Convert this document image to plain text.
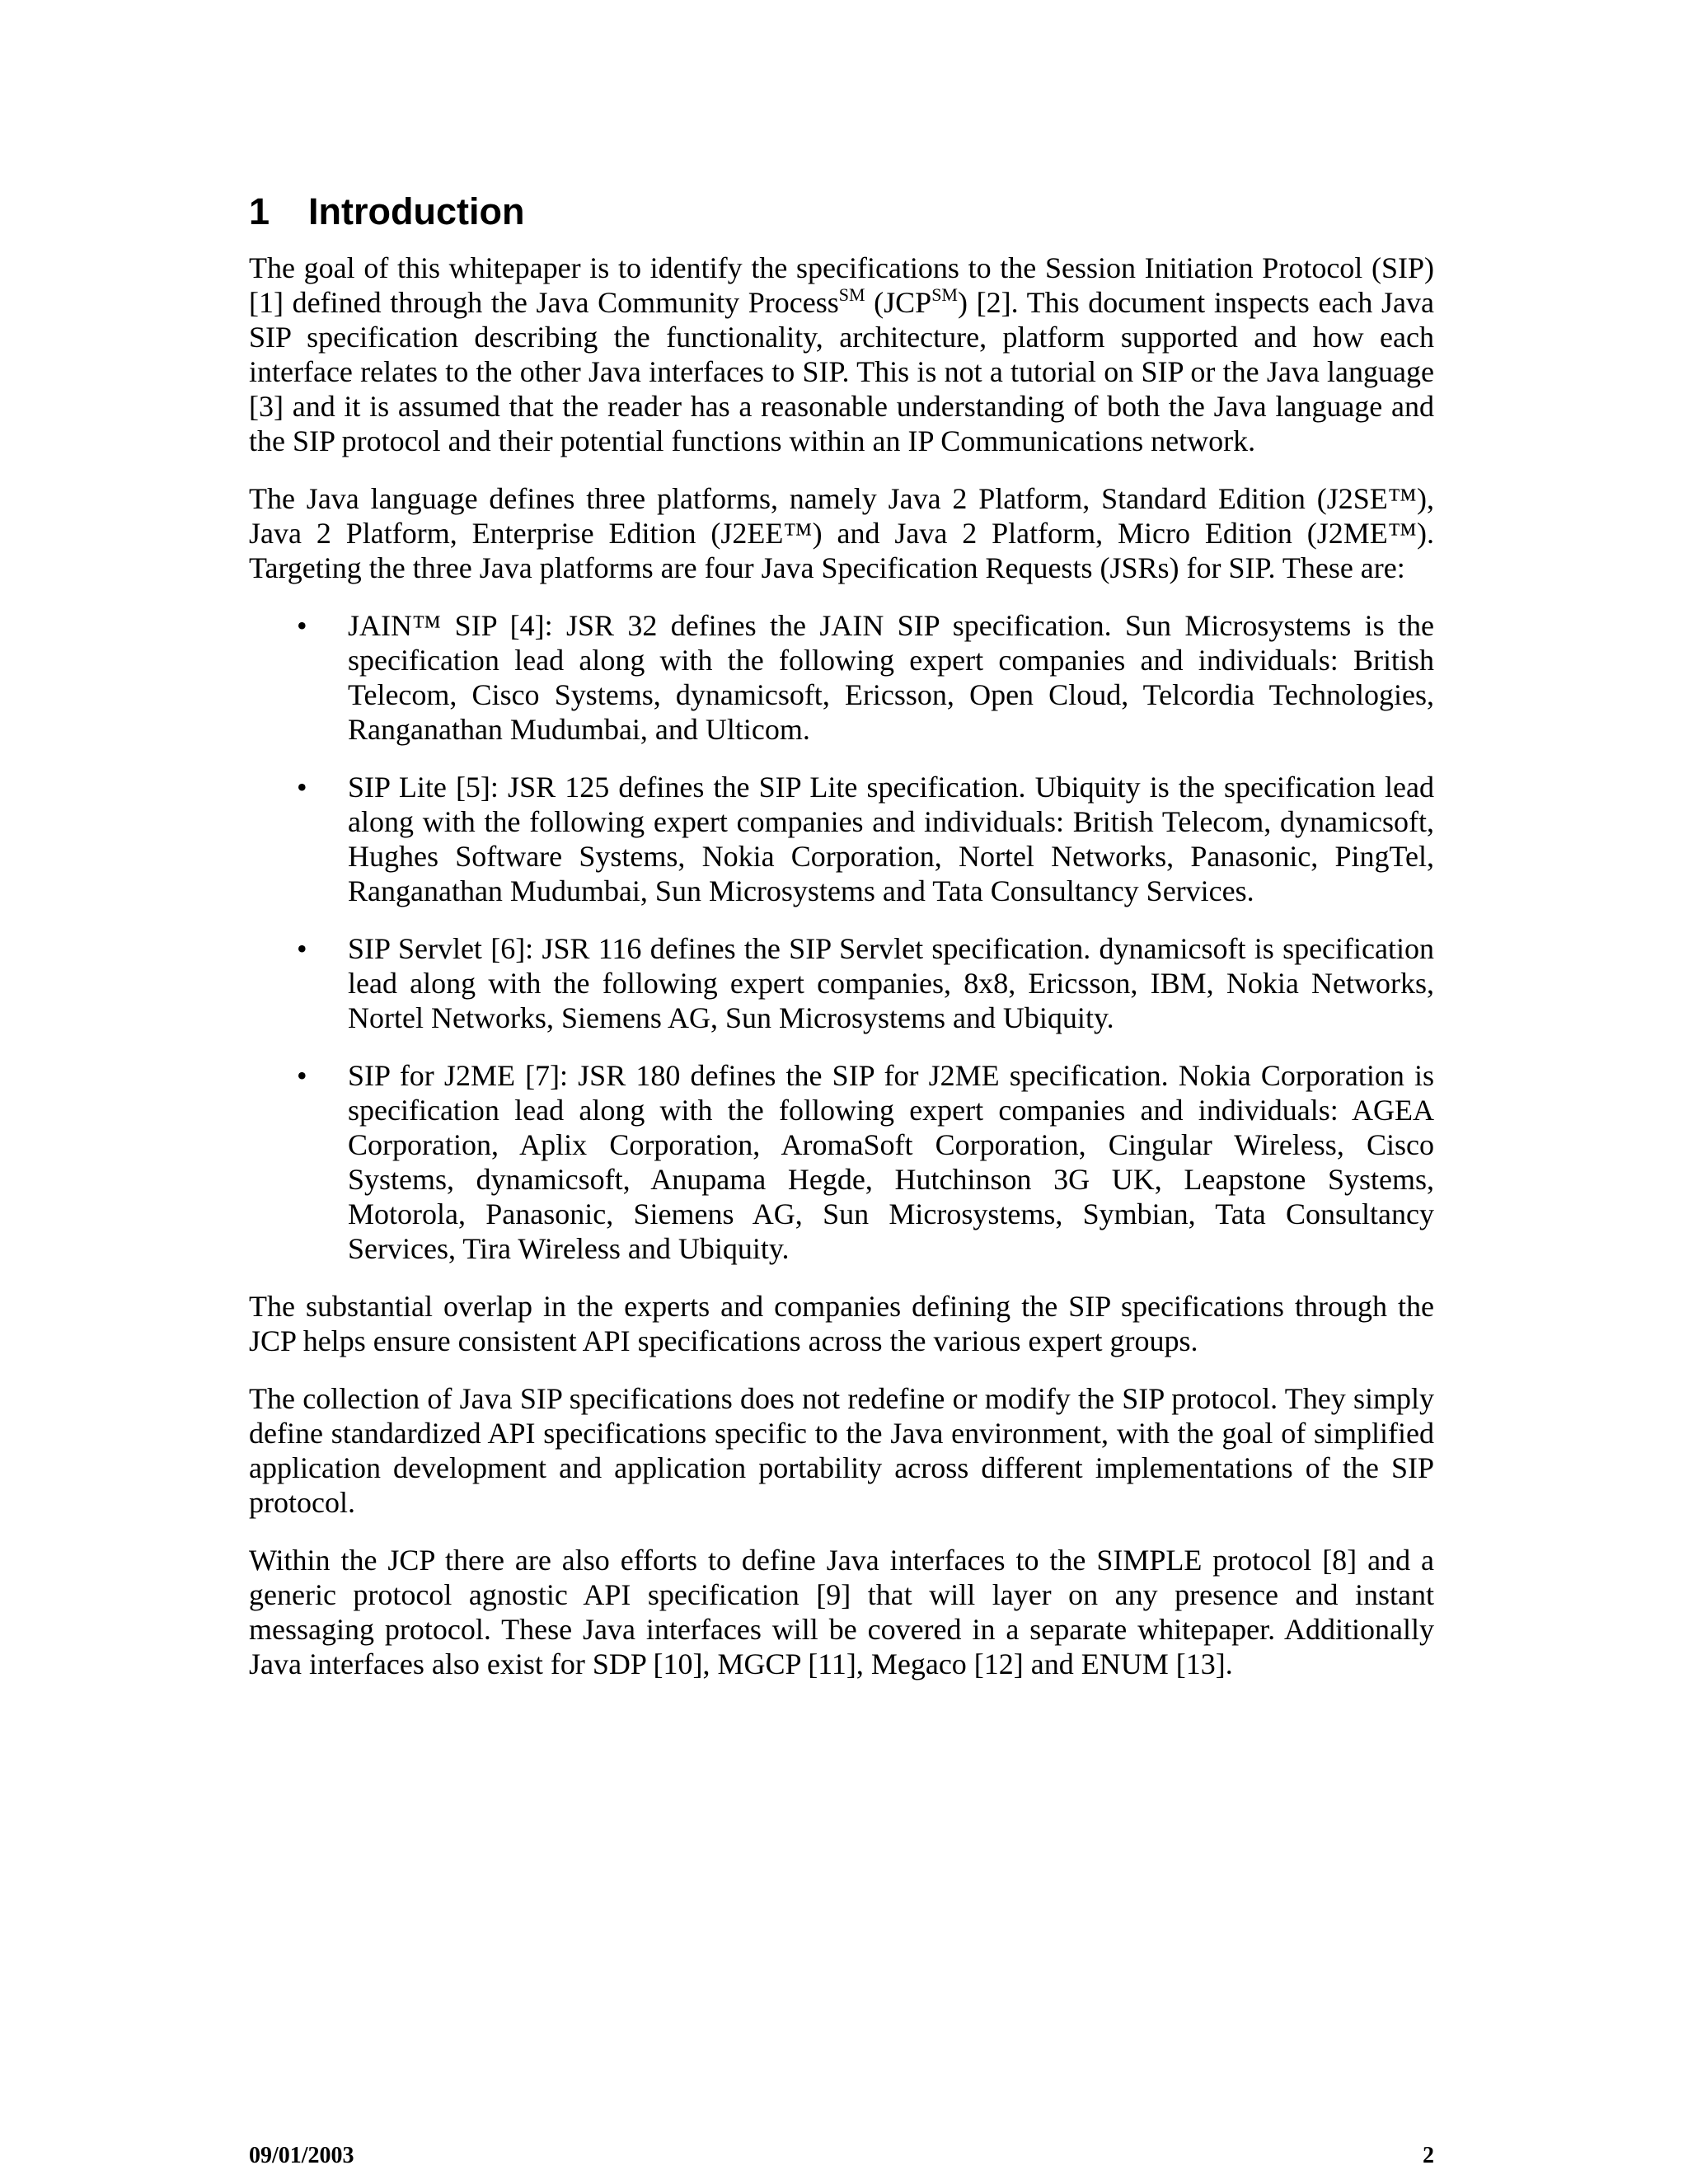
1 Introduction

The goal of this whitepaper is to identify the specifications to the Session Initiation Protocol (SIP) [1] defined through the Java Community Process℠ (JCP℠) [2]. This document inspects each Java SIP specification describing the functionality, architecture, platform supported and how each interface relates to the other Java interfaces to SIP. This is not a tutorial on SIP or the Java language [3] and it is assumed that the reader has a reasonable understanding of both the Java language and the SIP protocol and their potential functions within an IP Communications network.

The Java language defines three platforms, namely Java 2 Platform, Standard Edition (J2SE™), Java 2 Platform, Enterprise Edition (J2EE™) and Java 2 Platform, Micro Edition (J2ME™). Targeting the three Java platforms are four Java Specification Requests (JSRs) for SIP. These are:

• JAIN™ SIP [4]: JSR 32 defines the JAIN SIP specification. Sun Microsystems is the specification lead along with the following expert companies and individuals: British Telecom, Cisco Systems, dynamicsoft, Ericsson, Open Cloud, Telcordia Technologies, Ranganathan Mudumbai, and Ulticom.
• SIP Lite [5]: JSR 125 defines the SIP Lite specification. Ubiquity is the specification lead along with the following expert companies and individuals: British Telecom, dynamicsoft, Hughes Software Systems, Nokia Corporation, Nortel Networks, Panasonic, PingTel, Ranganathan Mudumbai, Sun Microsystems and Tata Consultancy Services.
• SIP Servlet [6]: JSR 116 defines the SIP Servlet specification. dynamicsoft is specification lead along with the following expert companies, 8x8, Ericsson, IBM, Nokia Networks, Nortel Networks, Siemens AG, Sun Microsystems and Ubiquity.
• SIP for J2ME [7]: JSR 180 defines the SIP for J2ME specification. Nokia Corporation is specification lead along with the following expert companies and individuals: AGEA Corporation, Aplix Corporation, AromaSoft Corporation, Cingular Wireless, Cisco Systems, dynamicsoft, Anupama Hegde, Hutchinson 3G UK, Leapstone Systems, Motorola, Panasonic, Siemens AG, Sun Microsystems, Symbian, Tata Consultancy Services, Tira Wireless and Ubiquity.

The substantial overlap in the experts and companies defining the SIP specifications through the JCP helps ensure consistent API specifications across the various expert groups.

The collection of Java SIP specifications does not redefine or modify the SIP protocol. They simply define standardized API specifications specific to the Java environment, with the goal of simplified application development and application portability across different implementations of the SIP protocol.

Within the JCP there are also efforts to define Java interfaces to the SIMPLE protocol [8] and a generic protocol agnostic API specification [9] that will layer on any presence and instant messaging protocol. These Java interfaces will be covered in a separate whitepaper. Additionally Java interfaces also exist for SDP [10], MGCP [11], Megaco [12] and ENUM [13].

09/01/2003	2
